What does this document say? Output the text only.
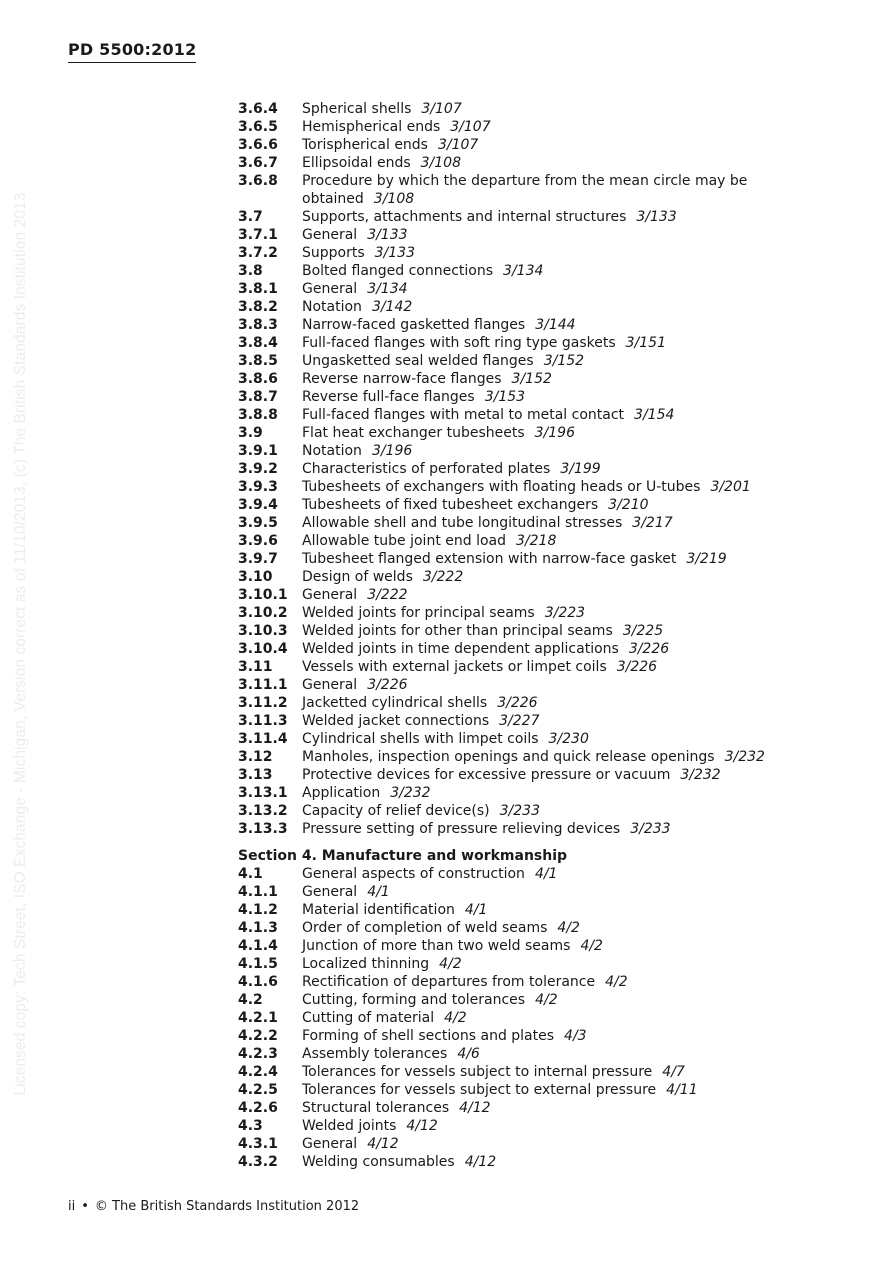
PD 5500:2012
Licensed copy: Tech Street, ISO Exchange - Michigan, Version correct as of 11/10/2013, (c) The British Standards Institution 2013
3.6.4	Spherical shells 3/107
3.6.5	Hemispherical ends 3/107
3.6.6	Torispherical ends 3/107
3.6.7	Ellipsoidal ends 3/108
3.6.8	Procedure by which the departure from the mean circle may be obtained 3/108
3.7	Supports, attachments and internal structures 3/133
3.7.1	General 3/133
3.7.2	Supports 3/133
3.8	Bolted flanged connections 3/134
3.8.1	General 3/134
3.8.2	Notation 3/142
3.8.3	Narrow-faced gasketted flanges 3/144
3.8.4	Full-faced flanges with soft ring type gaskets 3/151
3.8.5	Ungasketted seal welded flanges 3/152
3.8.6	Reverse narrow-face flanges 3/152
3.8.7	Reverse full-face flanges 3/153
3.8.8	Full-faced flanges with metal to metal contact 3/154
3.9	Flat heat exchanger tubesheets 3/196
3.9.1	Notation 3/196
3.9.2	Characteristics of perforated plates 3/199
3.9.3	Tubesheets of exchangers with floating heads or U-tubes 3/201
3.9.4	Tubesheets of fixed tubesheet exchangers 3/210
3.9.5	Allowable shell and tube longitudinal stresses 3/217
3.9.6	Allowable tube joint end load 3/218
3.9.7	Tubesheet flanged extension with narrow-face gasket 3/219
3.10	Design of welds 3/222
3.10.1	General 3/222
3.10.2	Welded joints for principal seams 3/223
3.10.3	Welded joints for other than principal seams 3/225
3.10.4	Welded joints in time dependent applications 3/226
3.11	Vessels with external jackets or limpet coils 3/226
3.11.1	General 3/226
3.11.2	Jacketted cylindrical shells 3/226
3.11.3	Welded jacket connections 3/227
3.11.4	Cylindrical shells with limpet coils 3/230
3.12	Manholes, inspection openings and quick release openings 3/232
3.13	Protective devices for excessive pressure or vacuum 3/232
3.13.1	Application 3/232
3.13.2	Capacity of relief device(s) 3/233
3.13.3	Pressure setting of pressure relieving devices 3/233
Section 4. Manufacture and workmanship
4.1	General aspects of construction 4/1
4.1.1	General 4/1
4.1.2	Material identification 4/1
4.1.3	Order of completion of weld seams 4/2
4.1.4	Junction of more than two weld seams 4/2
4.1.5	Localized thinning 4/2
4.1.6	Rectification of departures from tolerance 4/2
4.2	Cutting, forming and tolerances 4/2
4.2.1	Cutting of material 4/2
4.2.2	Forming of shell sections and plates 4/3
4.2.3	Assembly tolerances 4/6
4.2.4	Tolerances for vessels subject to internal pressure 4/7
4.2.5	Tolerances for vessels subject to external pressure 4/11
4.2.6	Structural tolerances 4/12
4.3	Welded joints 4/12
4.3.1	General 4/12
4.3.2	Welding consumables 4/12
ii • © The British Standards Institution 2012
